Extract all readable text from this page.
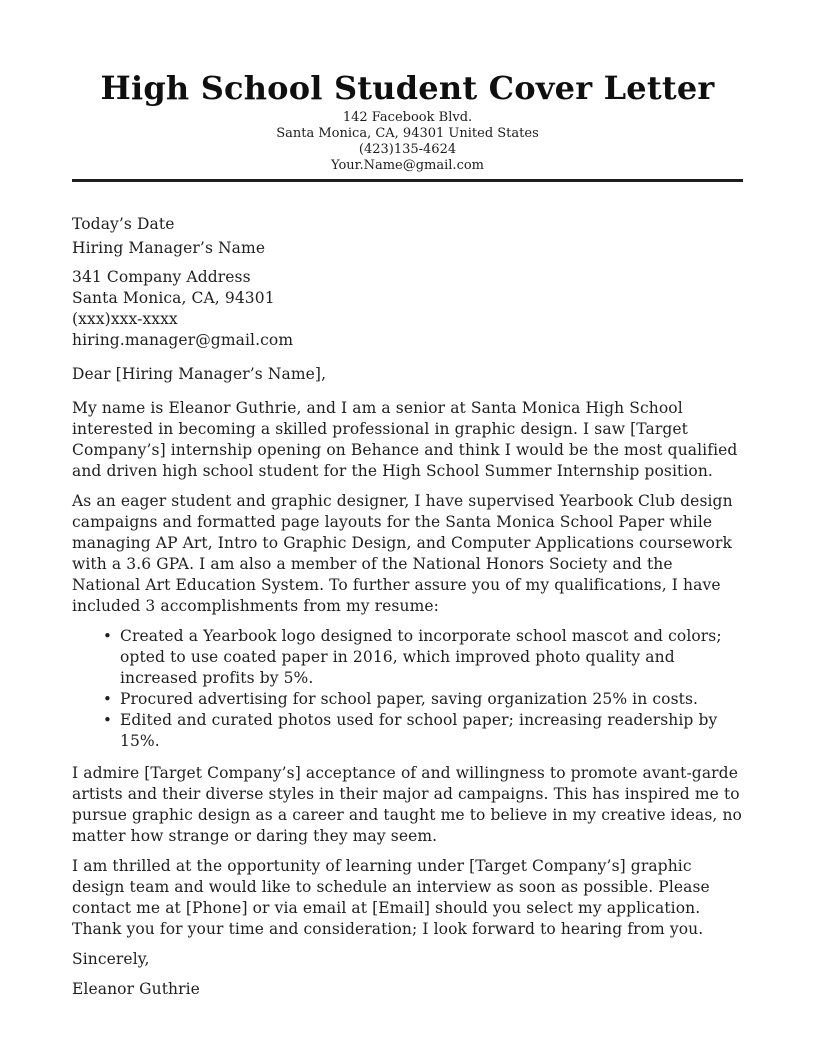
High School Student Cover Letter
142 Facebook Blvd.
Santa Monica, CA, 94301 United States
(423)135-4624
Your.Name@gmail.com
Today’s Date
Hiring Manager’s Name
341 Company Address
Santa Monica, CA, 94301
(xxx)xxx-xxxx
hiring.manager@gmail.com
Dear [Hiring Manager’s Name],

My name is Eleanor Guthrie, and I am a senior at Santa Monica High School interested in becoming a skilled professional in graphic design. I saw [Target Company’s] internship opening on Behance and think I would be the most qualified and driven high school student for the High School Summer Internship position.

As an eager student and graphic designer, I have supervised Yearbook Club design campaigns and formatted page layouts for the Santa Monica School Paper while managing AP Art, Intro to Graphic Design, and Computer Applications coursework with a 3.6 GPA. I am also a member of the National Honors Society and the National Art Education System. To further assure you of my qualifications, I have included 3 accomplishments from my resume:

• Created a Yearbook logo designed to incorporate school mascot and colors; opted to use coated paper in 2016, which improved photo quality and increased profits by 5%.
• Procured advertising for school paper, saving organization 25% in costs.
• Edited and curated photos used for school paper; increasing readership by 15%.

I admire [Target Company’s] acceptance of and willingness to promote avant-garde artists and their diverse styles in their major ad campaigns. This has inspired me to pursue graphic design as a career and taught me to believe in my creative ideas, no matter how strange or daring they may seem.

I am thrilled at the opportunity of learning under [Target Company’s] graphic design team and would like to schedule an interview as soon as possible. Please contact me at [Phone] or via email at [Email] should you select my application. Thank you for your time and consideration; I look forward to hearing from you.

Sincerely,

Eleanor Guthrie
